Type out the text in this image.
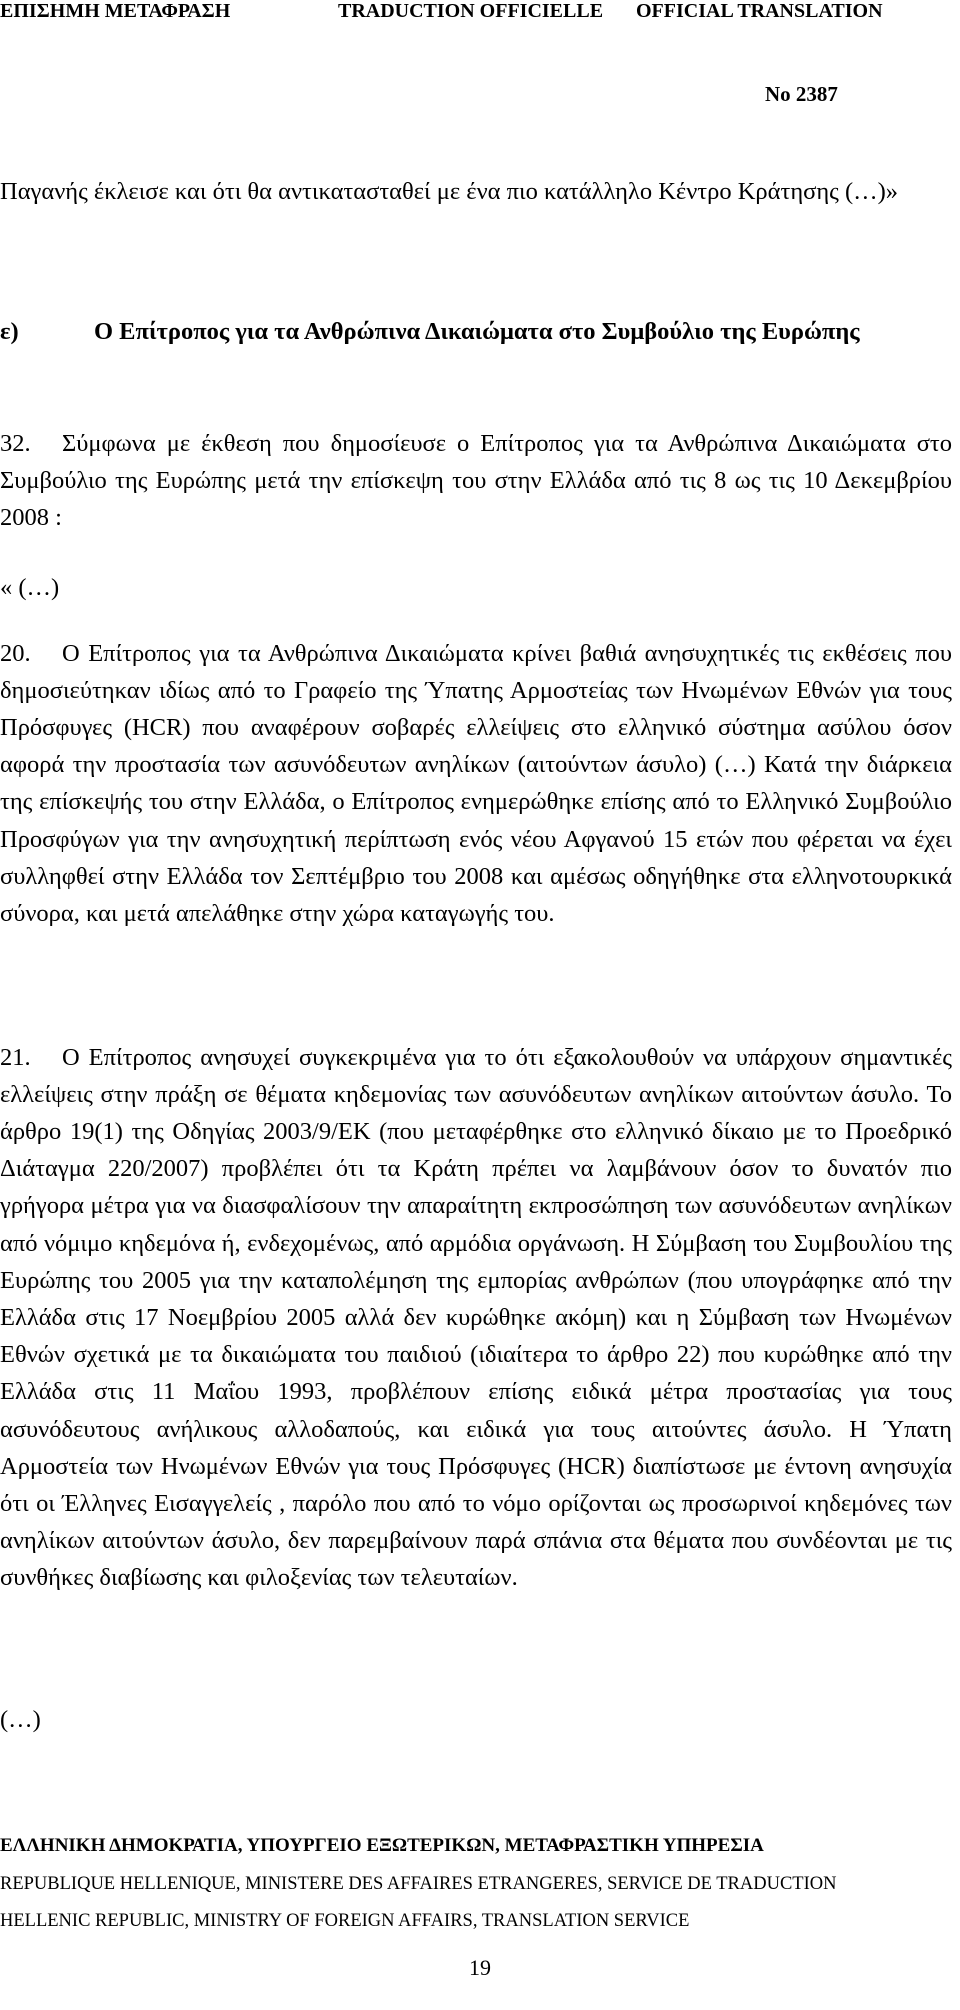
ΕΠΙΣΗΜΗ ΜΕΤΑΦΡΑΣΗ	TRADUCTION OFFICIELLE OFFICIAL TRANSLATION
No 2387

Παγανής έκλεισε και ότι θα αντικατασταθεί με ένα πιο κατάλληλο Κέντρο Κράτησης (…)»

ε)	Ο Επίτροπος για τα Ανθρώπινα Δικαιώματα στο Συμβούλιο της Ευρώπης

32. Σύμφωνα με έκθεση που δημοσίευσε ο Επίτροπος για τα Ανθρώπινα Δικαιώματα στο Συμβούλιο της Ευρώπης μετά την επίσκεψη του στην Ελλάδα από τις 8 ως τις 10 Δεκεμβρίου 2008 :

« (…)

20. Ο Επίτροπος για τα Ανθρώπινα Δικαιώματα κρίνει βαθιά ανησυχητικές τις εκθέσεις που δημοσιεύτηκαν ιδίως από το Γραφείο της Ύπατης Αρμοστείας των Ηνωμένων Εθνών για τους Πρόσφυγες (HCR) που αναφέρουν σοβαρές ελλείψεις στο ελληνικό σύστημα ασύλου όσον αφορά την προστασία των ασυνόδευτων ανηλίκων (αιτούντων άσυλο) (…) Κατά την διάρκεια της επίσκεψής του στην Ελλάδα, ο Επίτροπος ενημερώθηκε επίσης από το Ελληνικό Συμβούλιο Προσφύγων για την ανησυχητική περίπτωση ενός νέου Αφγανού 15 ετών που φέρεται να έχει συλληφθεί στην Ελλάδα τον Σεπτέμβριο του 2008 και αμέσως οδηγήθηκε στα ελληνοτουρκικά σύνορα, και μετά απελάθηκε στην χώρα καταγωγής του.

21. Ο Επίτροπος ανησυχεί συγκεκριμένα για το ότι εξακολουθούν να υπάρχουν σημαντικές ελλείψεις στην πράξη σε θέματα κηδεμονίας των ασυνόδευτων ανηλίκων αιτούντων άσυλο. Το άρθρο 19(1) της Οδηγίας 2003/9/ΕΚ (που μεταφέρθηκε στο ελληνικό δίκαιο με το Προεδρικό Διάταγμα 220/2007) προβλέπει ότι τα Κράτη πρέπει να λαμβάνουν όσον το δυνατόν πιο γρήγορα μέτρα για να διασφαλίσουν την απαραίτητη εκπροσώπηση των ασυνόδευτων ανηλίκων από νόμιμο κηδεμόνα ή, ενδεχομένως, από αρμόδια οργάνωση. Η Σύμβαση του Συμβουλίου της Ευρώπης του 2005 για την καταπολέμηση της εμπορίας ανθρώπων (που υπογράφηκε από την Ελλάδα στις 17 Νοεμβρίου 2005 αλλά δεν κυρώθηκε ακόμη) και η Σύμβαση των Ηνωμένων Εθνών σχετικά με τα δικαιώματα του παιδιού (ιδιαίτερα το άρθρο 22) που κυρώθηκε από την Ελλάδα στις 11 Μαΐου 1993, προβλέπουν επίσης ειδικά μέτρα προστασίας για τους ασυνόδευτους ανήλικους αλλοδαπούς, και ειδικά για τους αιτούντες άσυλο. Η Ύπατη Αρμοστεία των Ηνωμένων Εθνών για τους Πρόσφυγες (HCR) διαπίστωσε με έντονη ανησυχία ότι οι Έλληνες Εισαγγελείς , παρόλο που από το νόμο ορίζονται ως προσωρινοί κηδεμόνες των ανηλίκων αιτούντων άσυλο, δεν παρεμβαίνουν παρά σπάνια στα θέματα που συνδέονται με τις συνθήκες διαβίωσης και φιλοξενίας των τελευταίων.

(…)

ΕΛΛΗΝΙΚΗ ΔΗΜΟΚΡΑΤΙΑ, ΥΠΟΥΡΓΕΙΟ ΕΞΩΤΕΡΙΚΩΝ, ΜΕΤΑΦΡΑΣΤΙΚΗ ΥΠΗΡΕΣΙΑ
REPUBLIQUE HELLENIQUE, MINISTERE DES AFFAIRES ETRANGERES, SERVICE DE TRADUCTION
HELLENIC REPUBLIC, MINISTRY OF FOREIGN AFFAIRS, TRANSLATION SERVICE
19
